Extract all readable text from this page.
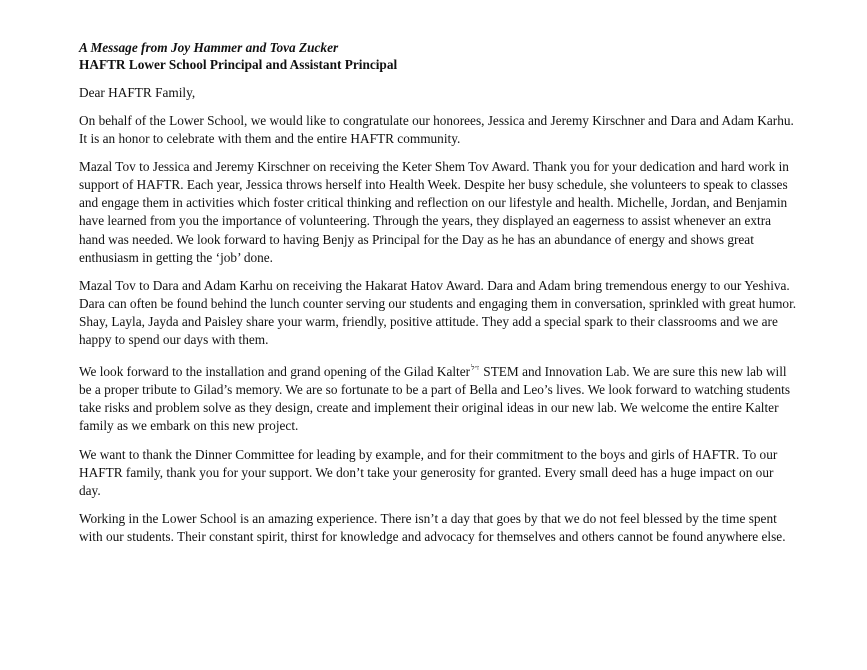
A Message from Joy Hammer and Tova Zucker
HAFTR Lower School Principal and Assistant Principal
Dear HAFTR Family,

On behalf of the Lower School, we would like to congratulate our honorees, Jessica and Jeremy Kirschner and Dara and Adam Karhu.
It is an honor to celebrate with them and the entire HAFTR community.

Mazal Tov to Jessica and Jeremy Kirschner on receiving the Keter Shem Tov Award. Thank you for your dedication and hard work in
support of HAFTR. Each year, Jessica throws herself into Health Week. Despite her busy schedule, she volunteers to speak to classes
and engage them in activities which foster critical thinking and reflection on our lifestyle and health. Michelle, Jordan, and Benjamin
have learned from you the importance of volunteering. Through the years, they displayed an eagerness to assist whenever an extra
hand was needed. We look forward to having Benjy as Principal for the Day as he has an abundance of energy and shows great
enthusiasm in getting the ‘job’ done.

Mazal Tov to Dara and Adam Karhu on receiving the Hakarat Hatov Award. Dara and Adam bring tremendous energy to our Yeshiva.
Dara can often be found behind the lunch counter serving our students and engaging them in conversation, sprinkled with great humor.
Shay, Layla, Jayda and Paisley share your warm, friendly, positive attitude. They add a special spark to their classrooms and we are
happy to spend our days with them.

We look forward to the installation and grand opening of the Gilad Kalter$^{ז״ל}$ STEM and Innovation Lab. We are sure this new lab will
be a proper tribute to Gilad’s memory. We are so fortunate to be a part of Bella and Leo’s lives. We look forward to watching students
take risks and problem solve as they design, create and implement their original ideas in our new lab. We welcome the entire Kalter
family as we embark on this new project.

We want to thank the Dinner Committee for leading by example, and for their commitment to the boys and girls of HAFTR. To our
HAFTR family, thank you for your support. We don’t take your generosity for granted. Every small deed has a huge impact on our
day.

Working in the Lower School is an amazing experience. There isn’t a day that goes by that we do not feel blessed by the time spent
with our students. Their constant spirit, thirst for knowledge and advocacy for themselves and others cannot be found anywhere else.
